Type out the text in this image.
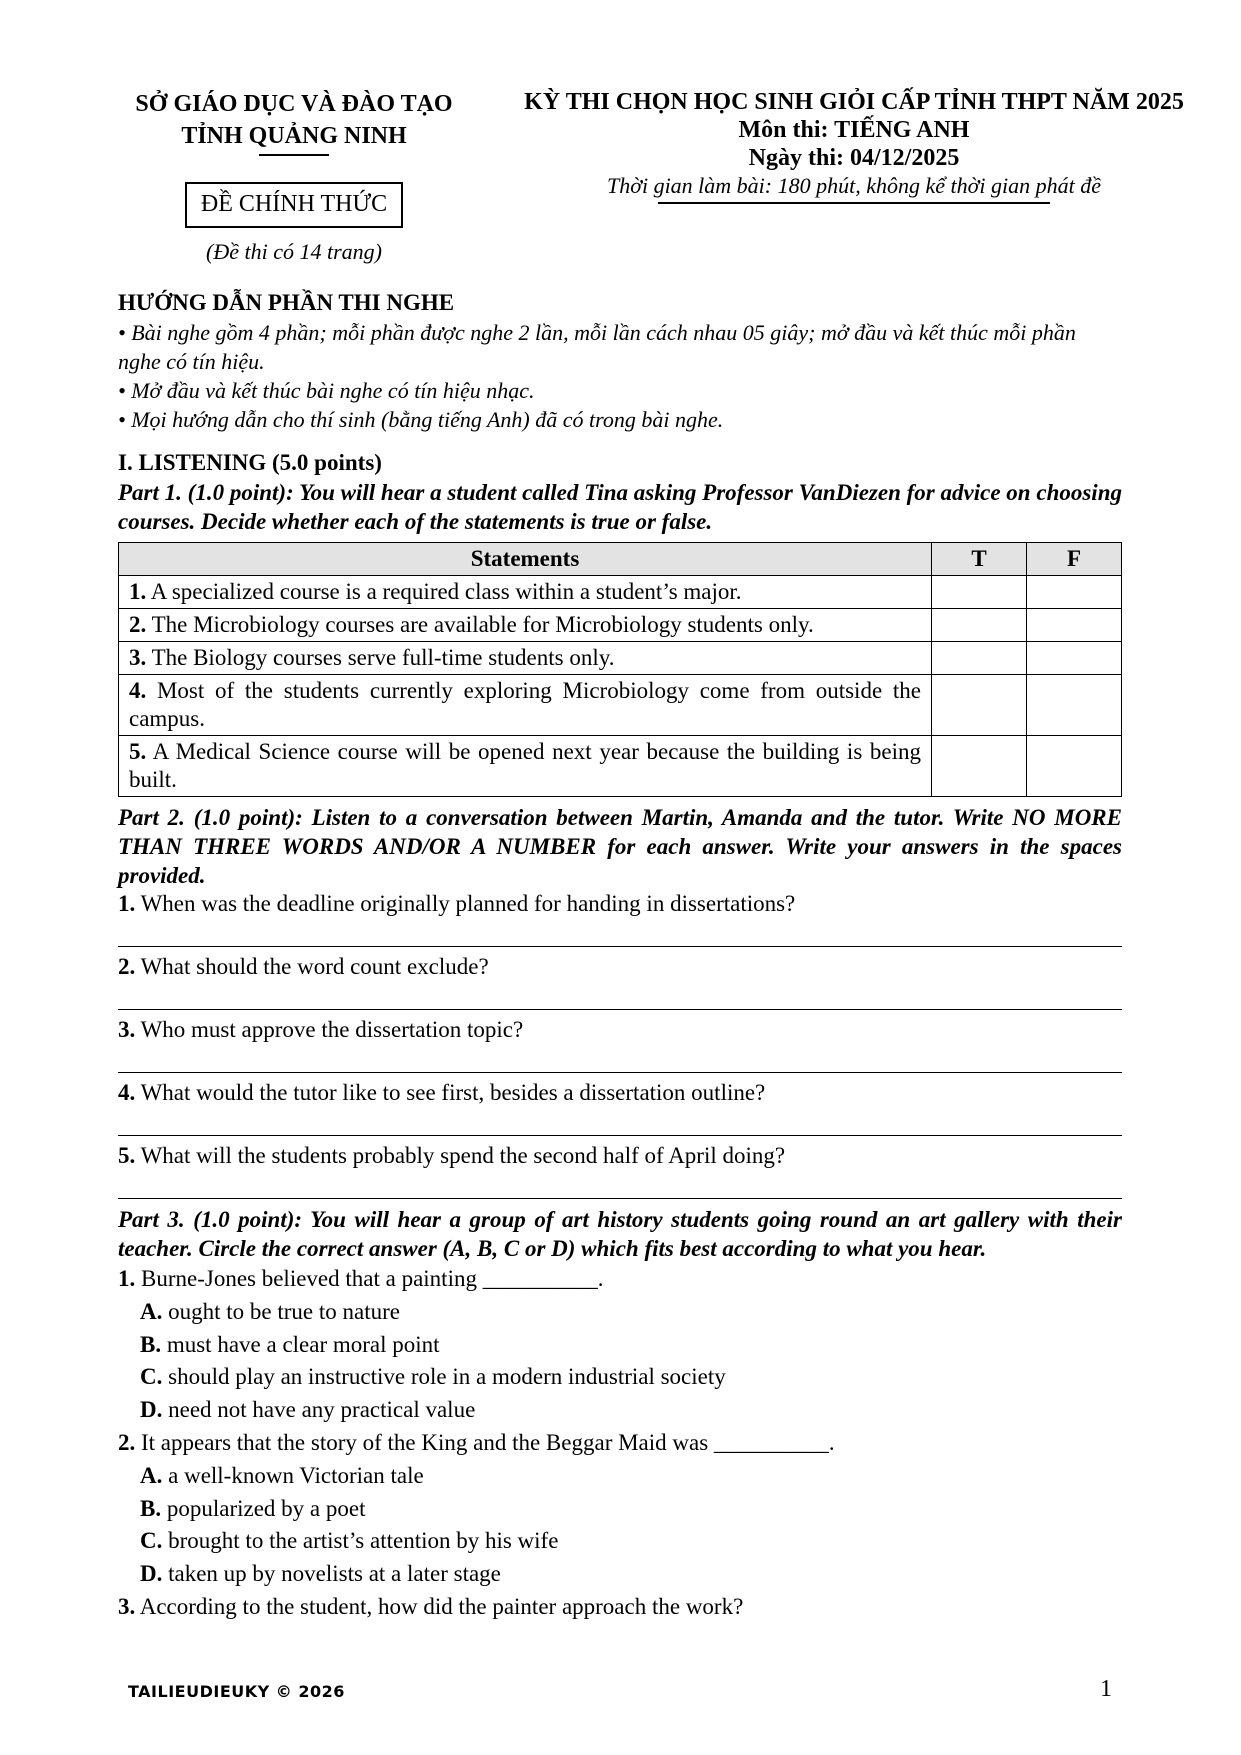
SỞ GIÁO DỤC VÀ ĐÀO TẠO
TỈNH QUẢNG NINH
ĐỀ CHÍNH THỨC
(Đề thi có 14 trang)
KỲ THI CHỌN HỌC SINH GIỎI CẤP TỈNH THPT NĂM 2025
Môn thi: TIẾNG ANH
Ngày thi: 04/12/2025
Thời gian làm bài: 180 phút, không kể thời gian phát đề
HƯỚNG DẪN PHẦN THI NGHE
• Bài nghe gồm 4 phần; mỗi phần được nghe 2 lần, mỗi lần cách nhau 05 giây; mở đầu và kết thúc mỗi phần nghe có tín hiệu.
• Mở đầu và kết thúc bài nghe có tín hiệu nhạc.
• Mọi hướng dẫn cho thí sinh (bằng tiếng Anh) đã có trong bài nghe.
I. LISTENING (5.0 points)
Part 1. (1.0 point): You will hear a student called Tina asking Professor VanDiezen for advice on choosing courses. Decide whether each of the statements is true or false.
Statements	T	F
1. A specialized course is a required class within a student’s major.		
2. The Microbiology courses are available for Microbiology students only.		
3. The Biology courses serve full-time students only.		
4. Most of the students currently exploring Microbiology come from outside the campus.		
5. A Medical Science course will be opened next year because the building is being built.		
Part 2. (1.0 point): Listen to a conversation between Martin, Amanda and the tutor. Write NO MORE THAN THREE WORDS AND/OR A NUMBER for each answer. Write your answers in the spaces provided.
1. When was the deadline originally planned for handing in dissertations?
2. What should the word count exclude?
3. Who must approve the dissertation topic?
4. What would the tutor like to see first, besides a dissertation outline?
5. What will the students probably spend the second half of April doing?
Part 3. (1.0 point): You will hear a group of art history students going round an art gallery with their teacher. Circle the correct answer (A, B, C or D) which fits best according to what you hear.
1. Burne-Jones believed that a painting __________.
A. ought to be true to nature
B. must have a clear moral point
C. should play an instructive role in a modern industrial society
D. need not have any practical value
2. It appears that the story of the King and the Beggar Maid was __________.
A. a well-known Victorian tale
B. popularized by a poet
C. brought to the artist’s attention by his wife
D. taken up by novelists at a later stage
3. According to the student, how did the painter approach the work?
TAILIEUDIEUKY © 2026	1
